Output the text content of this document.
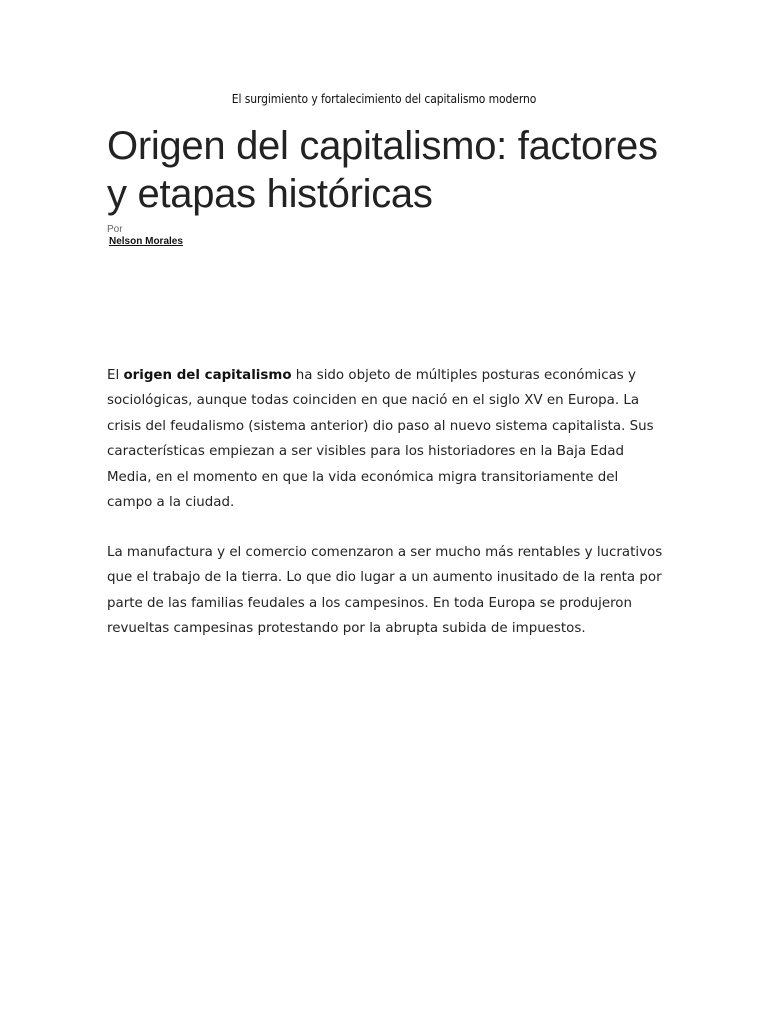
El surgimiento y fortalecimiento del capitalismo moderno
Origen del capitalismo: factores y etapas históricas
Por
Nelson Morales

El origen del capitalismo ha sido objeto de múltiples posturas económicas y sociológicas, aunque todas coinciden en que nació en el siglo XV en Europa. La crisis del feudalismo (sistema anterior) dio paso al nuevo sistema capitalista. Sus características empiezan a ser visibles para los historiadores en la Baja Edad Media, en el momento en que la vida económica migra transitoriamente del campo a la ciudad.

La manufactura y el comercio comenzaron a ser mucho más rentables y lucrativos que el trabajo de la tierra. Lo que dio lugar a un aumento inusitado de la renta por parte de las familias feudales a los campesinos. En toda Europa se produjeron revueltas campesinas protestando por la abrupta subida de impuestos.
